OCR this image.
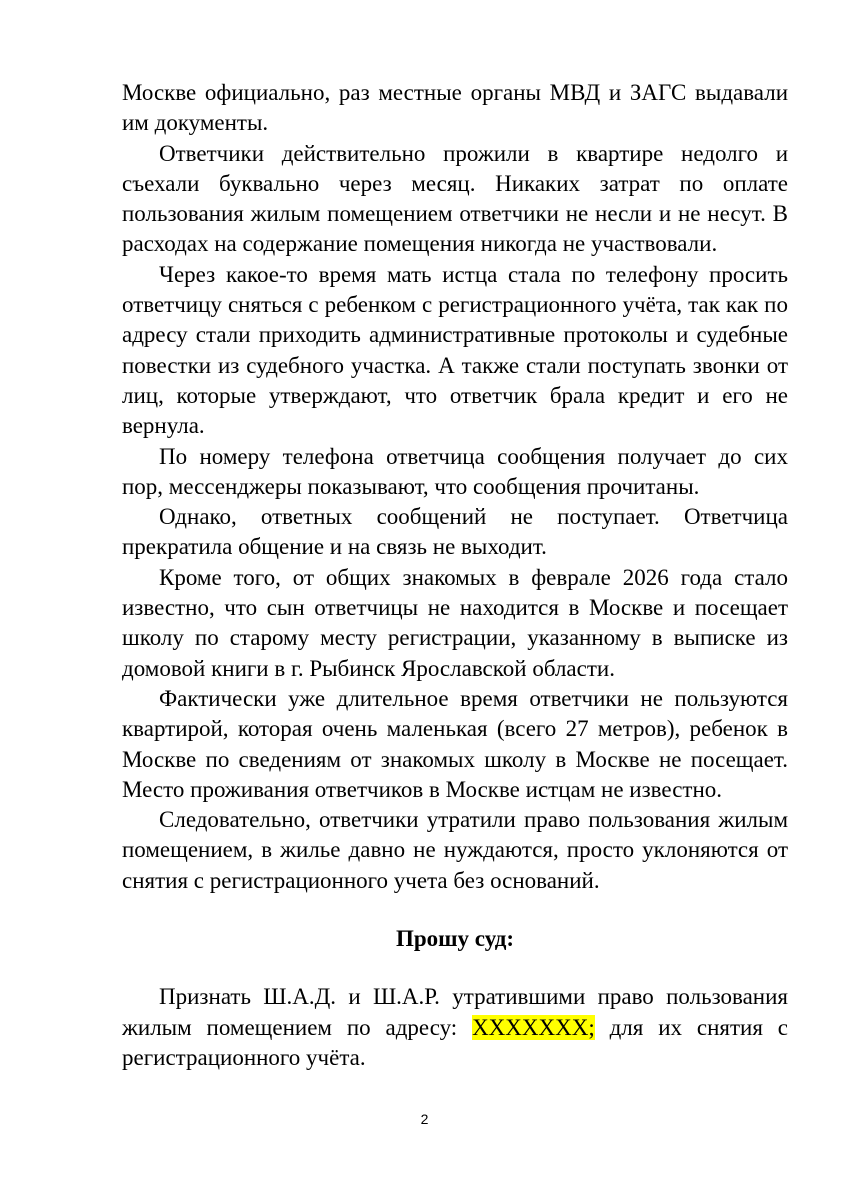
Москве официально, раз местные органы МВД и ЗАГС выдавали им документы.

Ответчики действительно прожили в квартире недолго и съехали буквально через месяц. Никаких затрат по оплате пользования жилым помещением ответчики не несли и не несут. В расходах на содержание помещения никогда не участвовали.

Через какое-то время мать истца стала по телефону просить ответчицу сняться с ребенком с регистрационного учёта, так как по адресу стали приходить административные протоколы и судебные повестки из судебного участка. А также стали поступать звонки от лиц, которые утверждают, что ответчик брала кредит и его не вернула.

По номеру телефона ответчица сообщения получает до сих пор, мессенджеры показывают, что сообщения прочитаны.

Однако, ответных сообщений не поступает. Ответчица прекратила общение и на связь не выходит.

Кроме того, от общих знакомых в феврале 2026 года стало известно, что сын ответчицы не находится в Москве и посещает школу по старому месту регистрации, указанному в выписке из домовой книги в г. Рыбинск Ярославской области.

Фактически уже длительное время ответчики не пользуются квартирой, которая очень маленькая (всего 27 метров), ребенок в Москве по сведениям от знакомых школу в Москве не посещает. Место проживания ответчиков в Москве истцам не известно.

Следовательно, ответчики утратили право пользования жилым помещением, в жилье давно не нуждаются, просто уклоняются от снятия с регистрационного учета без оснований.

Прошу суд:

Признать Ш.А.Д. и Ш.А.Р. утратившими право пользования жилым помещением по адресу: XXXXXXX; для их снятия с регистрационного учёта.

2
